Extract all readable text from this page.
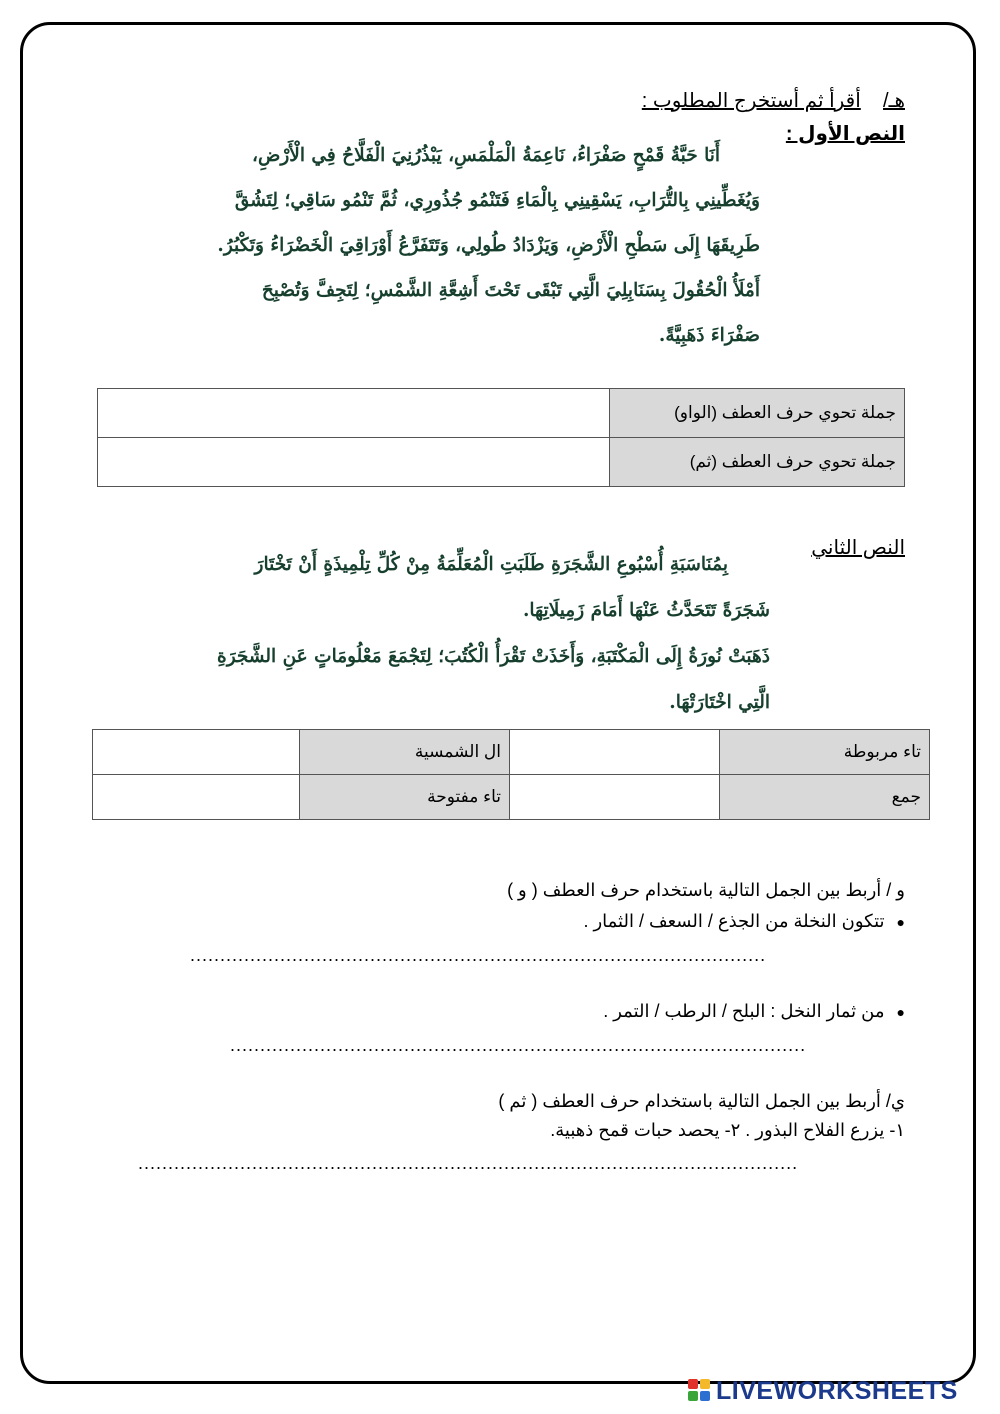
هـ/    أقرأ ثم أستخرج المطلوب :
النص الأول :
أَنَا حَبَّةُ قَمْحٍ صَفْرَاءُ، نَاعِمَةُ الْمَلْمَسِ، يَبْذُرُنِيَ الْفَلَّاحُ فِي الْأَرْضِ،
وَيُغَطِّينِي بِالتُّرَابِ، يَسْقِينِي بِالْمَاءِ فَتَنْمُو جُذُورِي، ثُمَّ تَنْمُو سَاقِي؛ لِتَشُقَّ
طَرِيقَهَا إِلَى سَطْحِ الْأَرْضِ، وَيَزْدَادُ طُولِي، وَتَتَفَرَّعُ أَوْرَاقِيَ الْخَضْرَاءُ وَتَكْبُرُ.
أَمْلَأُ الْحُقُولَ بِسَنَابِلِيَ الَّتِي تَبْقَى تَحْتَ أَشِعَّةِ الشَّمْسِ؛ لِتَجِفَّ وَتُصْبِحَ
صَفْرَاءَ ذَهَبِيَّةً.
جملة تحوي حرف العطف (الواو)	
جملة تحوي حرف العطف (ثم)	
النص الثاني
بِمُنَاسَبَةِ أُسْبُوعِ الشَّجَرَةِ طَلَبَتِ الْمُعَلِّمَةُ مِنْ كُلِّ تِلْمِيذَةٍ أَنْ تَخْتَارَ
شَجَرَةً تَتَحَدَّثُ عَنْهَا أَمَامَ زَمِيلَاتِهَا.
ذَهَبَتْ نُورَةُ إِلَى الْمَكْتَبَةِ، وَأَخَذَتْ تَقْرَأُ الْكُتُبَ؛ لِتَجْمَعَ مَعْلُومَاتٍ عَنِ الشَّجَرَةِ
الَّتِي اخْتَارَتْهَا.
تاء مربوطة		ال الشمسية	
جمع		تاء مفتوحة	
و / أربط بين الجمل التالية باستخدام حرف العطف ( و )
●تتكون النخلة من الجذع / السعف / الثمار .
................................................................................................
●من ثمار النخل : البلح / الرطب / التمر .
................................................................................................
ي/ أربط بين الجمل التالية باستخدام حرف العطف ( ثم )
١- يزرع الفلاح البذور . ٢- يحصد حبات قمح ذهبية.
..............................................................................................................
LIVEWORKSHEETS
